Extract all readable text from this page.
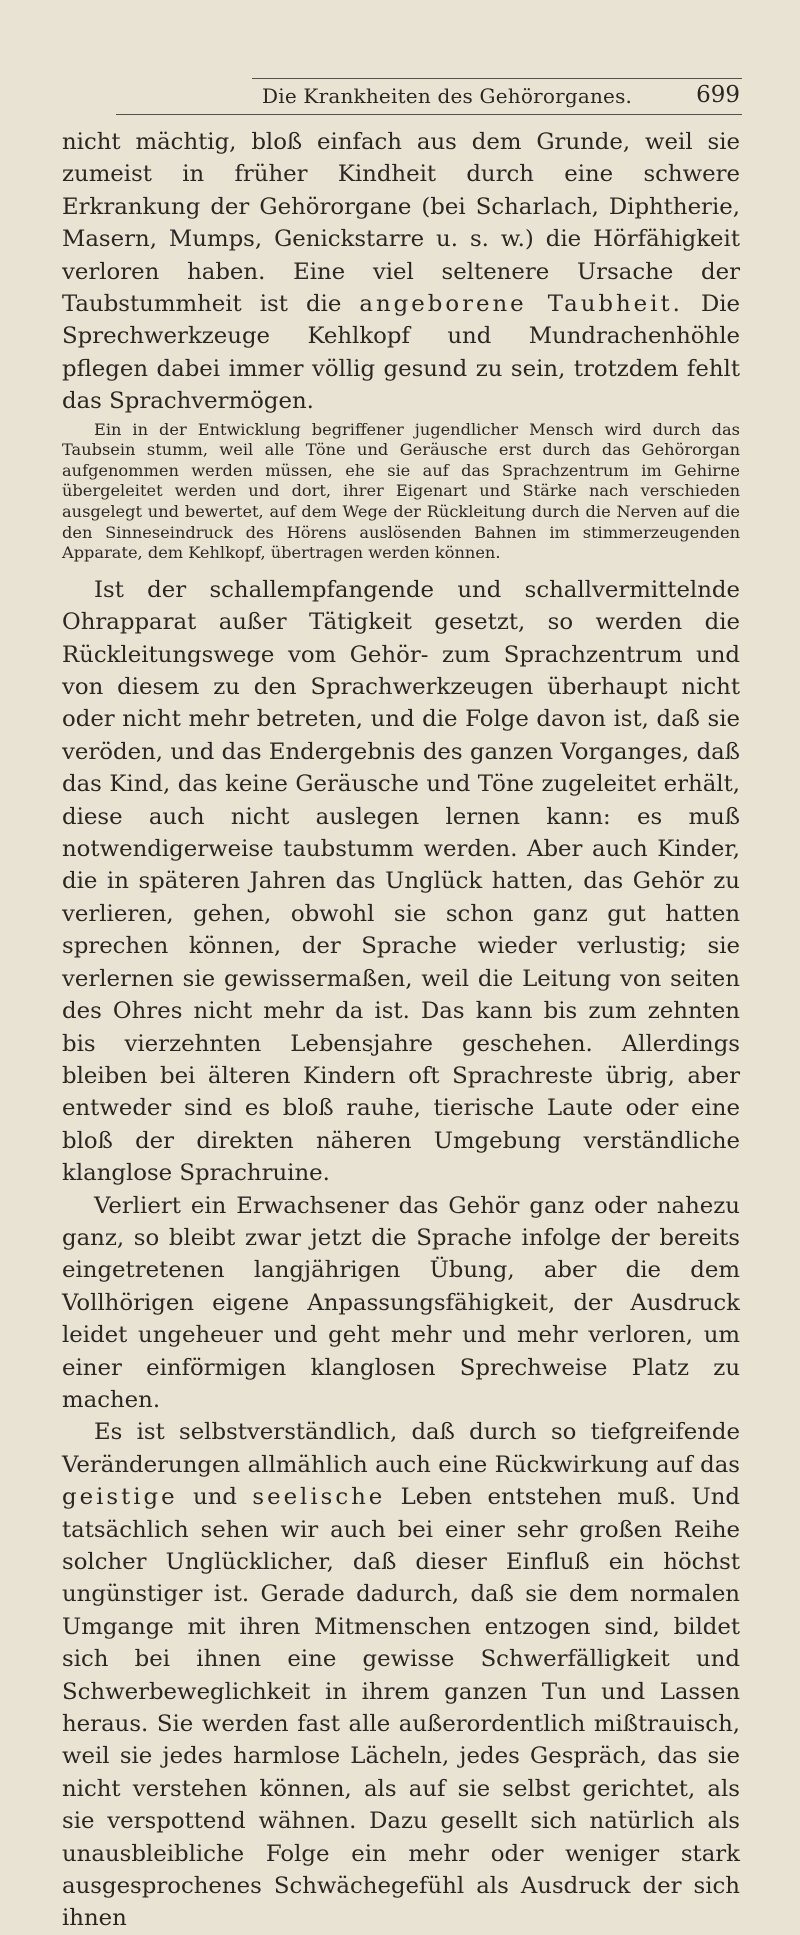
Die Krankheiten des Gehörorganes.	699

nicht mächtig, bloß einfach aus dem Grunde, weil sie zumeist in früher Kindheit durch eine schwere Erkrankung der Gehörorgane (bei Scharlach, Diphtherie, Masern, Mumps, Genickstarre u. s. w.) die Hörfähigkeit verloren haben. Eine viel seltenere Ursache der Taubstummheit ist die angeborene Taubheit. Die Sprechwerkzeuge Kehlkopf und Mundrachenhöhle pflegen dabei immer völlig gesund zu sein, trotzdem fehlt das Sprachvermögen.

Ein in der Entwicklung begriffener jugendlicher Mensch wird durch das Taubsein stumm, weil alle Töne und Geräusche erst durch das Gehörorgan aufgenommen werden müssen, ehe sie auf das Sprachzentrum im Gehirne übergeleitet werden und dort, ihrer Eigenart und Stärke nach verschieden ausgelegt und bewertet, auf dem Wege der Rückleitung durch die Nerven auf die den Sinneseindruck des Hörens auslösenden Bahnen im stimmerzeugenden Apparate, dem Kehlkopf, übertragen werden können.

Ist der schallempfangende und schallvermittelnde Ohrapparat außer Tätigkeit gesetzt, so werden die Rückleitungswege vom Gehör- zum Sprachzentrum und von diesem zu den Sprachwerkzeugen überhaupt nicht oder nicht mehr betreten, und die Folge davon ist, daß sie veröden, und das Endergebnis des ganzen Vorganges, daß das Kind, das keine Geräusche und Töne zugeleitet erhält, diese auch nicht auslegen lernen kann: es muß notwendigerweise taubstumm werden. Aber auch Kinder, die in späteren Jahren das Unglück hatten, das Gehör zu verlieren, gehen, obwohl sie schon ganz gut hatten sprechen können, der Sprache wieder verlustig; sie verlernen sie gewissermaßen, weil die Leitung von seiten des Ohres nicht mehr da ist. Das kann bis zum zehnten bis vierzehnten Lebensjahre geschehen. Allerdings bleiben bei älteren Kindern oft Sprachreste übrig, aber entweder sind es bloß rauhe, tierische Laute oder eine bloß der direkten näheren Umgebung verständliche klanglose Sprachruine.

Verliert ein Erwachsener das Gehör ganz oder nahezu ganz, so bleibt zwar jetzt die Sprache infolge der bereits eingetretenen langjährigen Übung, aber die dem Vollhörigen eigene Anpassungsfähigkeit, der Ausdruck leidet ungeheuer und geht mehr und mehr verloren, um einer einförmigen klanglosen Sprechweise Platz zu machen.

Es ist selbstverständlich, daß durch so tiefgreifende Veränderungen allmählich auch eine Rückwirkung auf das geistige und seelische Leben entstehen muß. Und tatsächlich sehen wir auch bei einer sehr großen Reihe solcher Unglücklicher, daß dieser Einfluß ein höchst ungünstiger ist. Gerade dadurch, daß sie dem normalen Umgange mit ihren Mitmenschen entzogen sind, bildet sich bei ihnen eine gewisse Schwerfälligkeit und Schwerbeweglichkeit in ihrem ganzen Tun und Lassen heraus. Sie werden fast alle außerordentlich mißtrauisch, weil sie jedes harmlose Lächeln, jedes Gespräch, das sie nicht verstehen können, als auf sie selbst gerichtet, als sie verspottend wähnen. Dazu gesellt sich natürlich als unausbleibliche Folge ein mehr oder weniger stark ausgesprochenes Schwächegefühl als Ausdruck der sich ihnen
